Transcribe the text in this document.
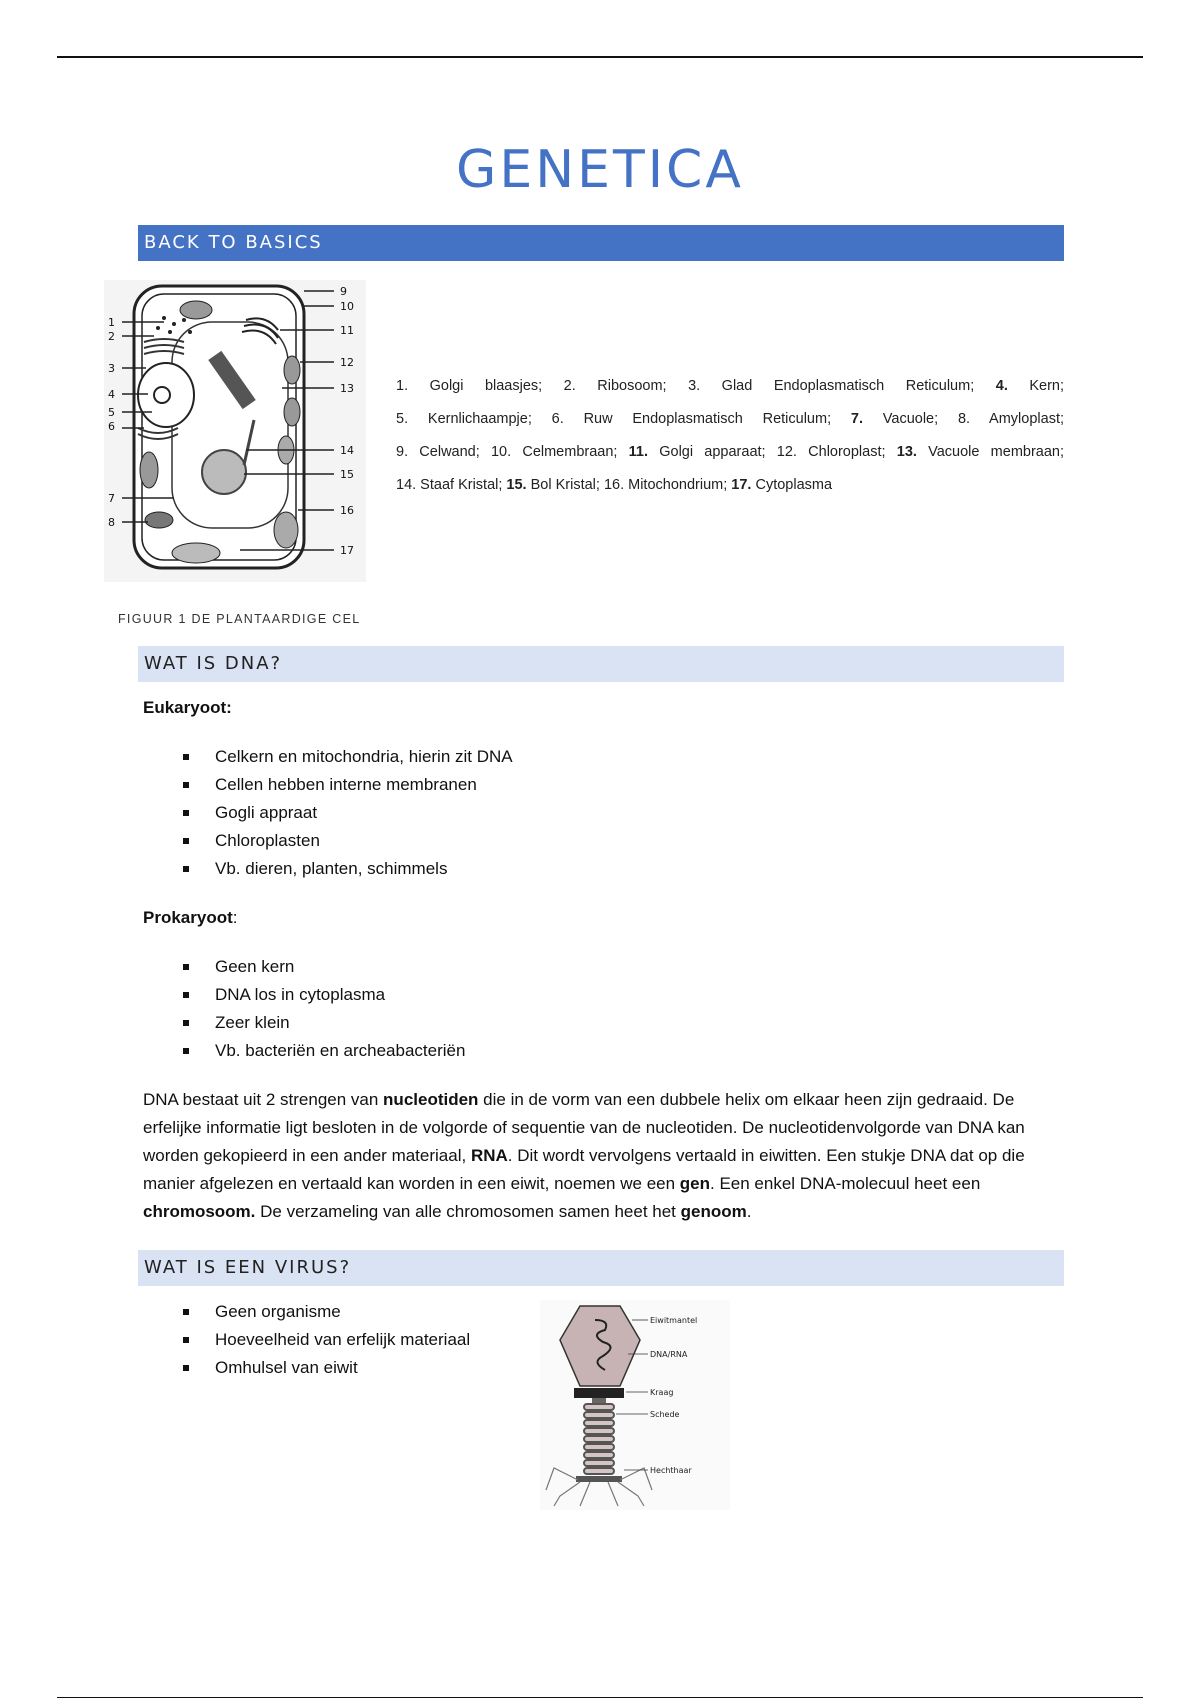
GENETICA
BACK TO BASICS
1
2
3
4
5
6
7
8
9
10
11
12
13
14
15
16
17
1. Golgi blaasjes; 2. Ribosoom; 3. Glad Endoplasmatisch Reticulum; 4. Kern;
5. Kernlichaampje; 6. Ruw Endoplasmatisch Reticulum; 7. Vacuole; 8. Amyloplast;
9. Celwand; 10. Celmembraan; 11. Golgi apparaat; 12. Chloroplast; 13. Vacuole membraan;
14. Staaf Kristal; 15. Bol Kristal; 16. Mitochondrium; 17. Cytoplasma
FIGUUR 1 DE PLANTAARDIGE CEL
WAT IS DNA?
Eukaryoot:
Celkern en mitochondria, hierin zit DNA
Cellen hebben interne membranen
Gogli appraat
Chloroplasten
Vb. dieren, planten, schimmels
Prokaryoot:
Geen kern
DNA los in cytoplasma
Zeer klein
Vb. bacteriën en archeabacteriën
DNA bestaat uit 2 strengen van nucleotiden die in de vorm van een dubbele helix om elkaar heen zijn gedraaid. De erfelijke informatie ligt besloten in de volgorde of sequentie van de nucleotiden. De nucleotidenvolgorde van DNA kan worden gekopieerd in een ander materiaal, RNA. Dit wordt vervolgens vertaald in eiwitten. Een stukje DNA dat op die manier afgelezen en vertaald kan worden in een eiwit, noemen we een gen. Een enkel DNA-molecuul heet een chromosoom. De verzameling van alle chromosomen samen heet het genoom.
WAT IS EEN VIRUS?
Geen organisme
Hoeveelheid van erfelijk materiaal
Omhulsel van eiwit
Eiwitmantel
DNA/RNA
Kraag
Schede
Hechthaar
